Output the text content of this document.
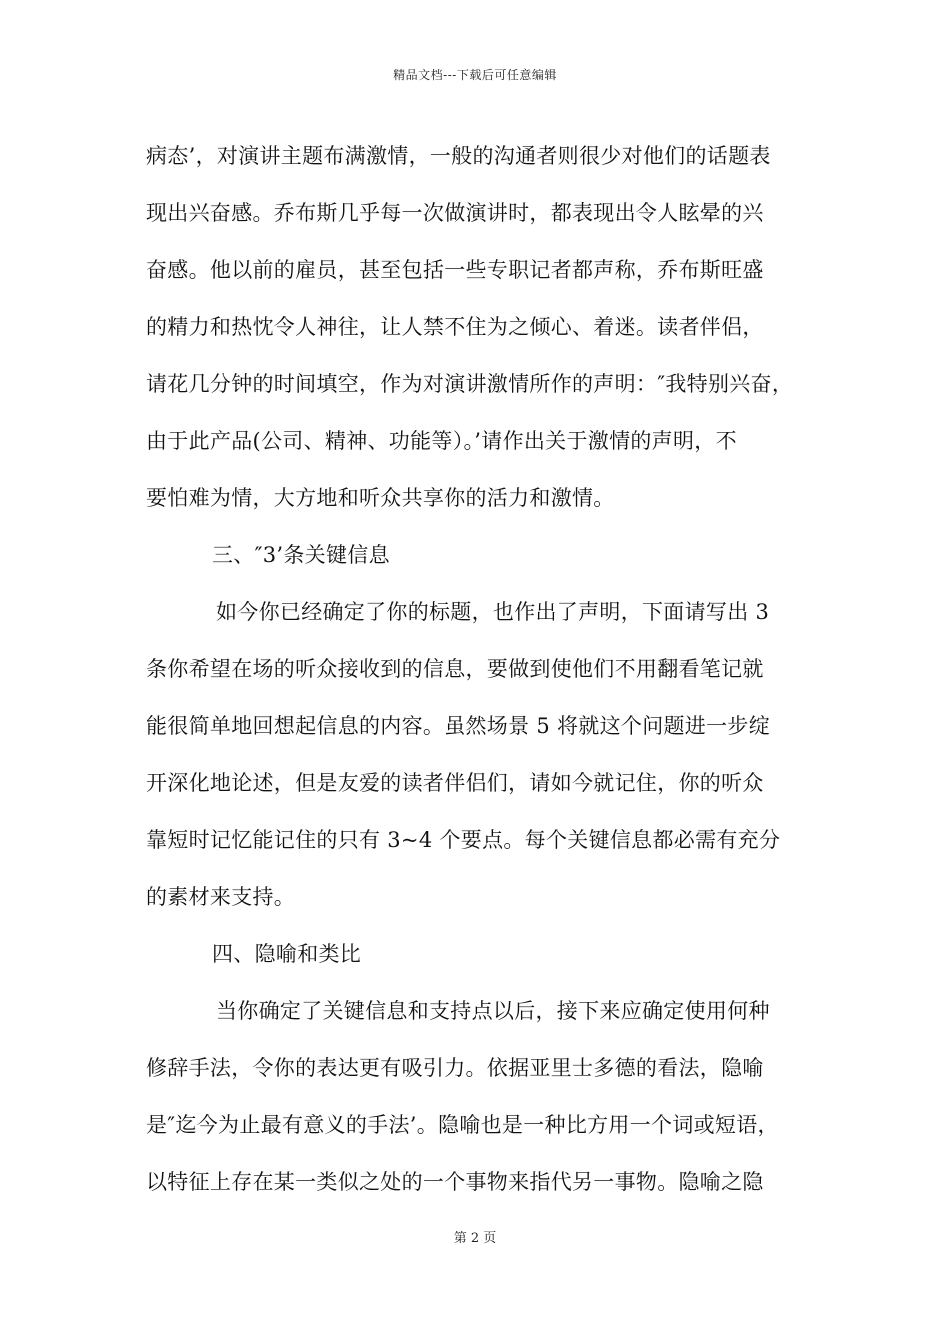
精品文档---下载后可任意编辑
病态’，对演讲主题布满激情，一般的沟通者则很少对他们的话题表
现出兴奋感。乔布斯几乎每一次做演讲时，都表现出令人眩晕的兴
奋感。他以前的雇员，甚至包括一些专职记者都声称，乔布斯旺盛
的精力和热忱令人神往，让人禁不住为之倾心、着迷。读者伴侣，
请花几分钟的时间填空，作为对演讲激情所作的声明：″我特别兴奋，
由于此产品(公司、精神、功能等）。’请作出关于激情的声明，不
要怕难为情，大方地和听众共享你的活力和激情。
三、″3’条关键信息
如今你已经确定了你的标题，也作出了声明，下面请写出 3
条你希望在场的听众接收到的信息，要做到使他们不用翻看笔记就
能很简单地回想起信息的内容。虽然场景 5 将就这个问题进一步绽
开深化地论述，但是友爱的读者伴侣们，请如今就记住，你的听众
靠短时记忆能记住的只有 3~4 个要点。每个关键信息都必需有充分
的素材来支持。
四、隐喻和类比
当你确定了关键信息和支持点以后，接下来应确定使用何种
修辞手法，令你的表达更有吸引力。依据亚里士多德的看法，隐喻
是″迄今为止最有意义的手法’。隐喻也是一种比方用一个词或短语，
以特征上存在某一类似之处的一个事物来指代另一事物。隐喻之隐
第 2 页
